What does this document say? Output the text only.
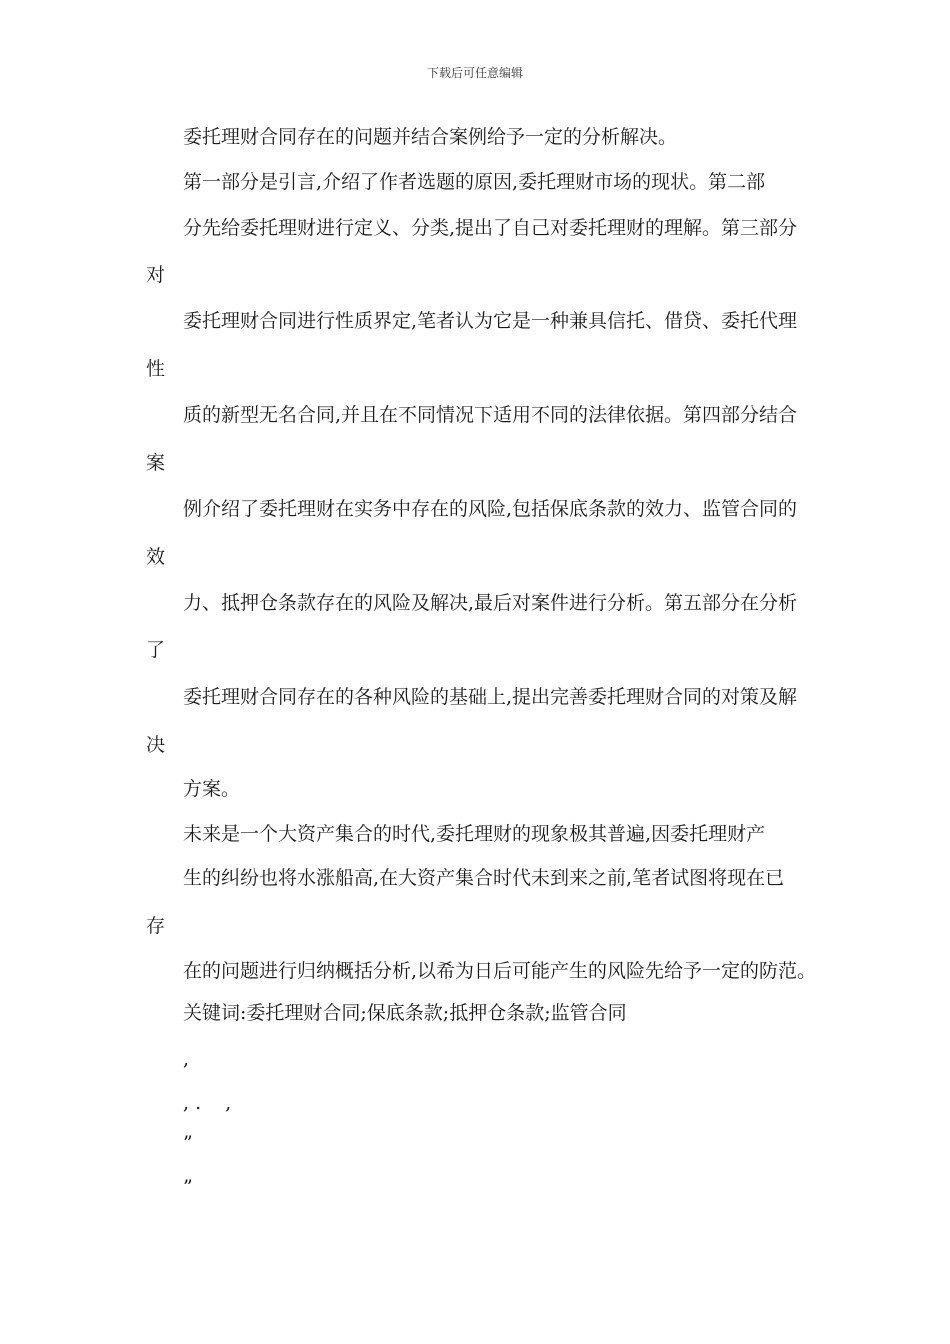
下载后可任意编辑
委托理财合同存在的问题并结合案例给予一定的分析解决。
第一部分是引言,介绍了作者选题的原因,委托理财市场的现状。第二部
分先给委托理财进行定义、分类,提出了自己对委托理财的理解。第三部分
对
委托理财合同进行性质界定,笔者认为它是一种兼具信托、借贷、委托代理
性
质的新型无名合同,并且在不同情况下适用不同的法律依据。第四部分结合
案
例介绍了委托理财在实务中存在的风险,包括保底条款的效力、监管合同的
效
力、抵押仓条款存在的风险及解决,最后对案件进行分析。第五部分在分析
了
委托理财合同存在的各种风险的基础上,提出完善委托理财合同的对策及解
决
方案。
未来是一个大资产集合的时代,委托理财的现象极其普遍,因委托理财产
生的纠纷也将水涨船高,在大资产集合时代未到来之前,笔者试图将现在已
存
在的问题进行归纳概括分析,以希为日后可能产生的风险先给予一定的防范。
关键词:委托理财合同;保底条款;抵押仓条款;监管合同
,
, .    ,
”
”
